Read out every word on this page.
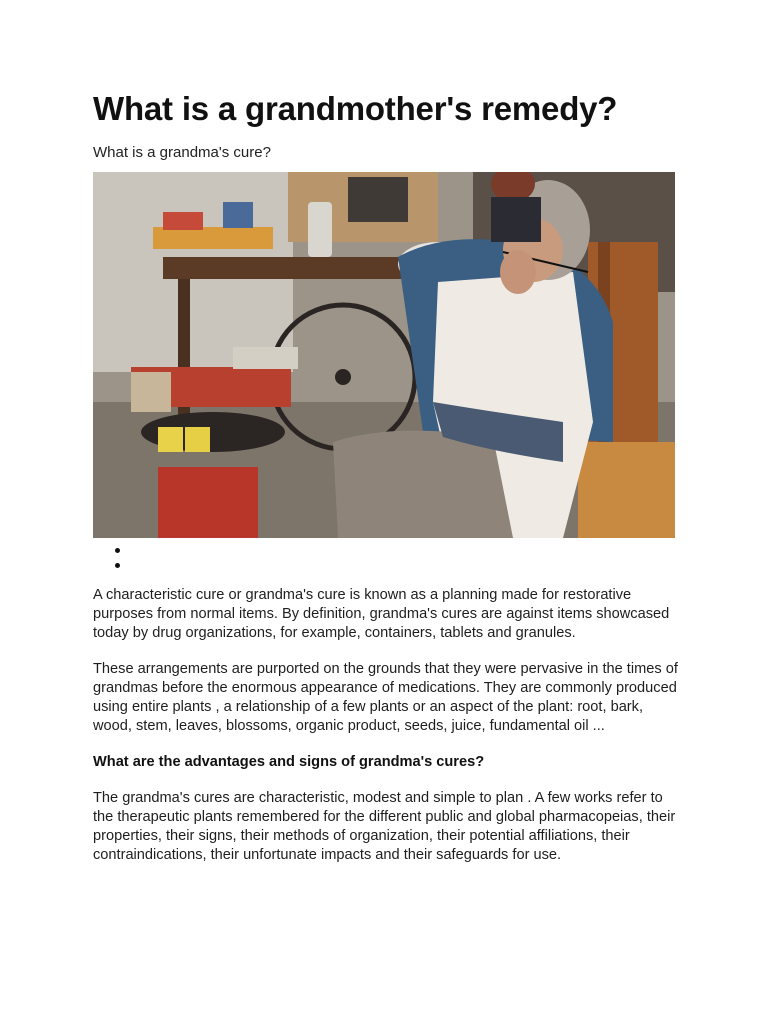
What is a grandmother's remedy?
What is a grandma's cure?

A characteristic cure or grandma's cure is known as a planning made for restorative purposes from normal items. By definition, grandma's cures are against items showcased today by drug organizations, for example, containers, tablets and granules.

These arrangements are purported on the grounds that they were pervasive in the times of grandmas before the enormous appearance of medications. They are commonly produced using entire plants , a relationship of a few plants or an aspect of the plant: root, bark, wood, stem, leaves, blossoms, organic product, seeds, juice, fundamental oil ...

What are the advantages and signs of grandma's cures?

The grandma's cures are characteristic, modest and simple to plan . A few works refer to the therapeutic plants remembered for the different public and global pharmacopeias, their properties, their signs, their methods of organization, their potential affiliations, their contraindications, their unfortunate impacts and their safeguards for use.
